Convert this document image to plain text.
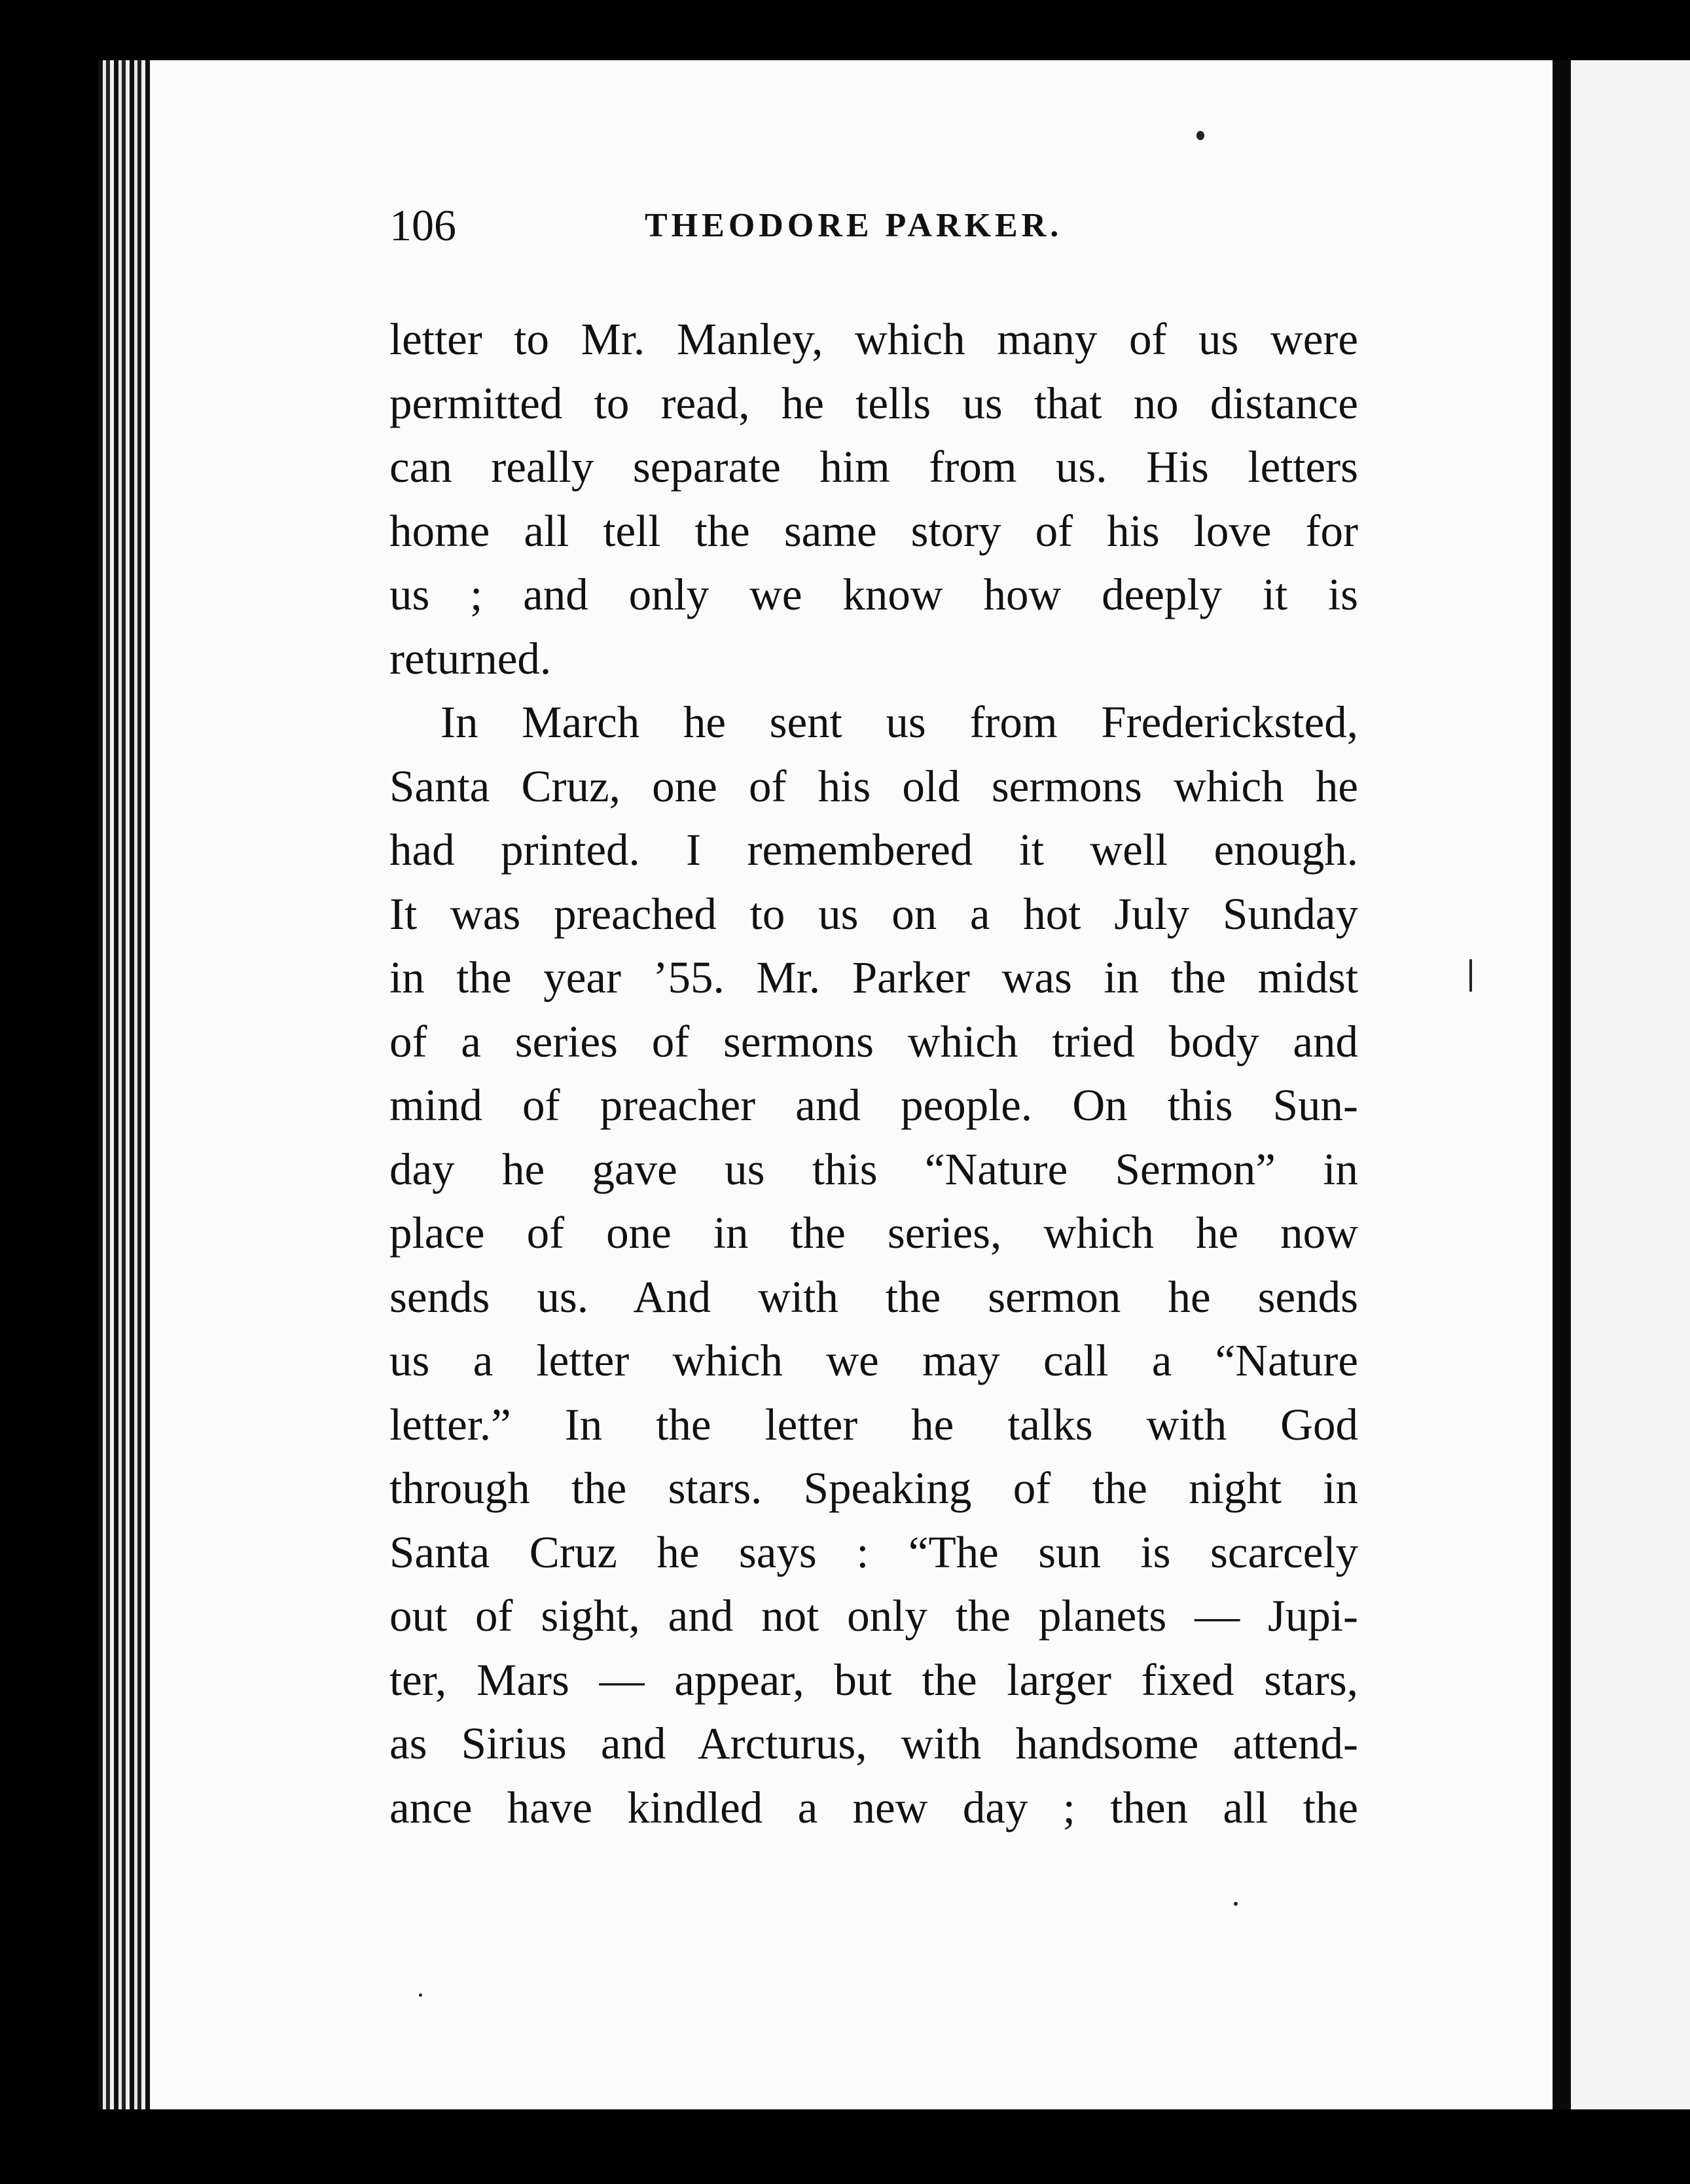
106	THEODORE PARKER.
letter to Mr. Manley, which many of us were
permitted to read, he tells us that no distance
can really separate him from us. His letters
home all tell the same story of his love for
us ; and only we know how deeply it is
returned.
In March he sent us from Fredericksted,
Santa Cruz, one of his old sermons which he
had printed. I remembered it well enough.
It was preached to us on a hot July Sunday
in the year ’55. Mr. Parker was in the midst
of a series of sermons which tried body and
mind of preacher and people. On this Sun-
day he gave us this “Nature Sermon” in
place of one in the series, which he now
sends us. And with the sermon he sends
us a letter which we may call a “Nature
letter.” In the letter he talks with God
through the stars. Speaking of the night in
Santa Cruz he says : “The sun is scarcely
out of sight, and not only the planets — Jupi-
ter, Mars — appear, but the larger fixed stars,
as Sirius and Arcturus, with handsome attend-
ance have kindled a new day ; then all the
